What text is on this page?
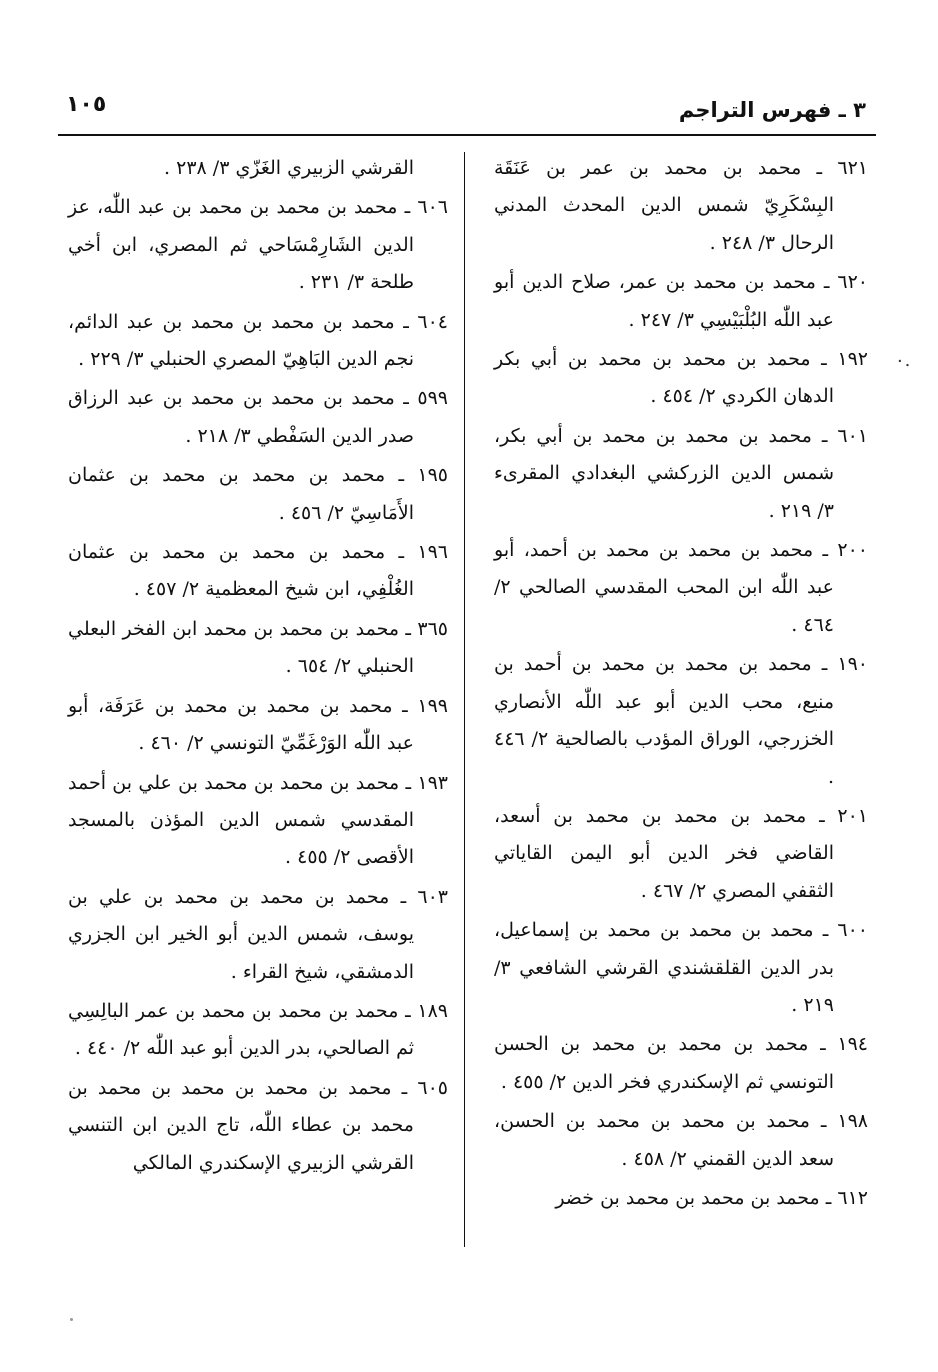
٣ ـ فهرس التراجم
١٠٥

٦٢١ ـ محمد بن محمد بن عمر بن عَنَقَة البِسْكَرِيّ شمس الدين المحدث المدني الرحال ٣/ ٢٤٨ .

٦٢٠ ـ محمد بن محمد بن عمر، صلاح الدين أبو عبد اللّٰه البُلْبَيْسِي ٣/ ٢٤٧ .

١٩٢ ـ محمد بن محمد بن محمد بن أبي بكر الدهان الكردي ٢/ ٤٥٤ .

٦٠١ ـ محمد بن محمد بن محمد بن أبي بكر، شمس الدين الزركشي البغدادي المقرىء ٣/ ٢١٩ .

٢٠٠ ـ محمد بن محمد بن محمد بن أحمد، أبو عبد اللّٰه ابن المحب المقدسي الصالحي ٢/ ٤٦٤ .

١٩٠ ـ محمد بن محمد بن محمد بن أحمد بن منيع، محب الدين أبو عبد اللّٰه الأنصاري الخزرجي، الوراق المؤدب بالصالحية ٢/ ٤٤٦ .

٢٠١ ـ محمد بن محمد بن محمد بن أسعد، القاضي فخر الدين أبو اليمن القاياتي الثقفي المصري ٢/ ٤٦٧ .

٦٠٠ ـ محمد بن محمد بن محمد بن إسماعيل، بدر الدين القلقشندي القرشي الشافعي ٣/ ٢١٩ .

١٩٤ ـ محمد بن محمد بن محمد بن الحسن التونسي ثم الإسكندري فخر الدين ٢/ ٤٥٥ .

١٩٨ ـ محمد بن محمد بن محمد بن الحسن، سعد الدين القمني ٢/ ٤٥٨ .

٦١٢ ـ محمد بن محمد بن محمد بن خضر

القرشي الزبيري الغَزّي ٣/ ٢٣٨ .

٦٠٦ ـ محمد بن محمد بن محمد بن عبد اللّٰه، عز الدين الشَارِمْسَاحي ثم المصري، ابن أخي طلحة ٣/ ٢٣١ .

٦٠٤ ـ محمد بن محمد بن محمد بن عبد الدائم، نجم الدين البَاهِيّ المصري الحنبلي ٣/ ٢٢٩ .

٥٩٩ ـ محمد بن محمد بن محمد بن عبد الرزاق صدر الدين السَفْطي ٣/ ٢١٨ .

١٩٥ ـ محمد بن محمد بن محمد بن عثمان الأَمَاسِيّ ٢/ ٤٥٦ .

١٩٦ ـ محمد بن محمد بن محمد بن عثمان الغُلْفِي، ابن شيخ المعظمية ٢/ ٤٥٧ .

٣٦٥ ـ محمد بن محمد بن محمد ابن الفخر البعلي الحنبلي ٢/ ٦٥٤ .

١٩٩ ـ محمد بن محمد بن محمد بن عَرَفَة، أبو عبد اللّٰه الوَرْغَمِّيّ التونسي ٢/ ٤٦٠ .

١٩٣ ـ محمد بن محمد بن محمد بن علي بن أحمد المقدسي شمس الدين المؤذن بالمسجد الأقصى ٢/ ٤٥٥ .

٦٠٣ ـ محمد بن محمد بن محمد بن علي بن يوسف، شمس الدين أبو الخير ابن الجزري الدمشقي، شيخ القراء .

١٨٩ ـ محمد بن محمد بن محمد بن عمر البالِسِي ثم الصالحي، بدر الدين أبو عبد اللّٰه ٢/ ٤٤٠ .

٦٠٥ ـ محمد بن محمد بن محمد بن محمد بن محمد بن عطاء اللّٰه، تاج الدين ابن التنسي القرشي الزبيري الإسكندري المالكي

٠.
